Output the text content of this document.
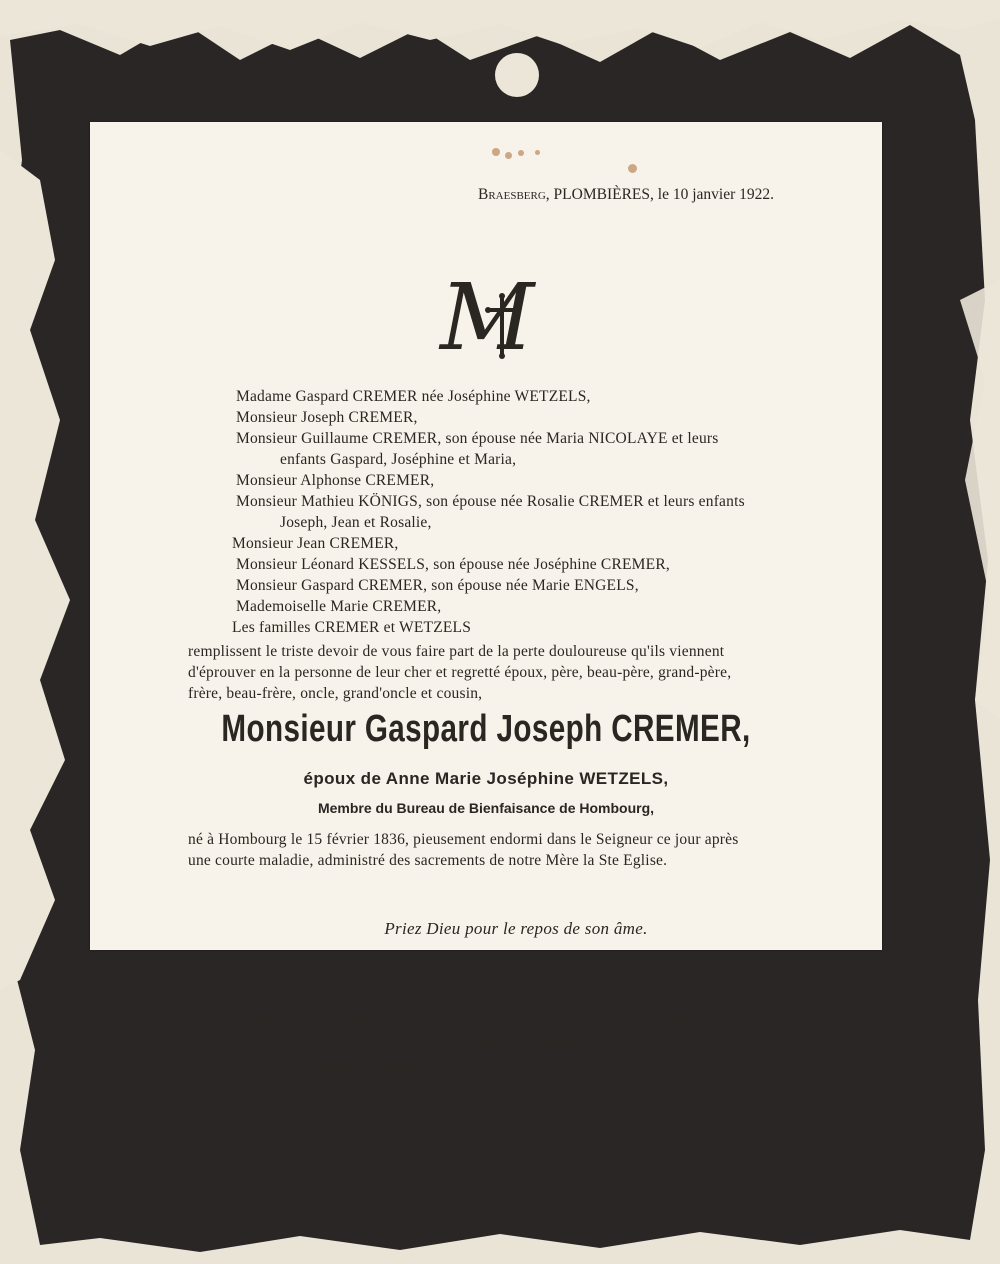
Braesberg, PLOMBIÈRES, le 10 janvier 1922.
M
Madame Gaspard CREMER née Joséphine WETZELS,
Monsieur Joseph CREMER,
Monsieur Guillaume CREMER, son épouse née Maria NICOLAYE et leurs
enfants Gaspard, Joséphine et Maria,
Monsieur Alphonse CREMER,
Monsieur Mathieu KÖNIGS, son épouse née Rosalie CREMER et leurs enfants
Joseph, Jean et Rosalie,
Monsieur Jean CREMER,
Monsieur Léonard KESSELS, son épouse née Joséphine CREMER,
Monsieur Gaspard CREMER, son épouse née Marie ENGELS,
Mademoiselle Marie CREMER,
Les familles CREMER et WETZELS
remplissent le triste devoir de vous faire part de la perte douloureuse qu'ils viennent
d'éprouver en la personne de leur cher et regretté époux, père, beau-père, grand-père,
frère, beau-frère, oncle, grand'oncle et cousin,
Monsieur Gaspard Joseph CREMER,
époux de Anne Marie Joséphine WETZELS,
Membre du Bureau de Bienfaisance de Hombourg,
né à Hombourg le 15 février 1836, pieusement endormi dans le Seigneur ce jour après
une courte maladie, administré des sacrements de notre Mère la Ste Eglise.
Priez Dieu pour le repos de son âme.
Les obsèques solennelles, précédées des laudes et suivies de l'enterrement, auront
lieu en l'église paroissiale de Bleyberg le SAMEDI 14 janvier 1922, à 10 heures.
Réunion à la maison mortuaire à 9 3/4 heures.
Au'et, Joseph Wil'em.
